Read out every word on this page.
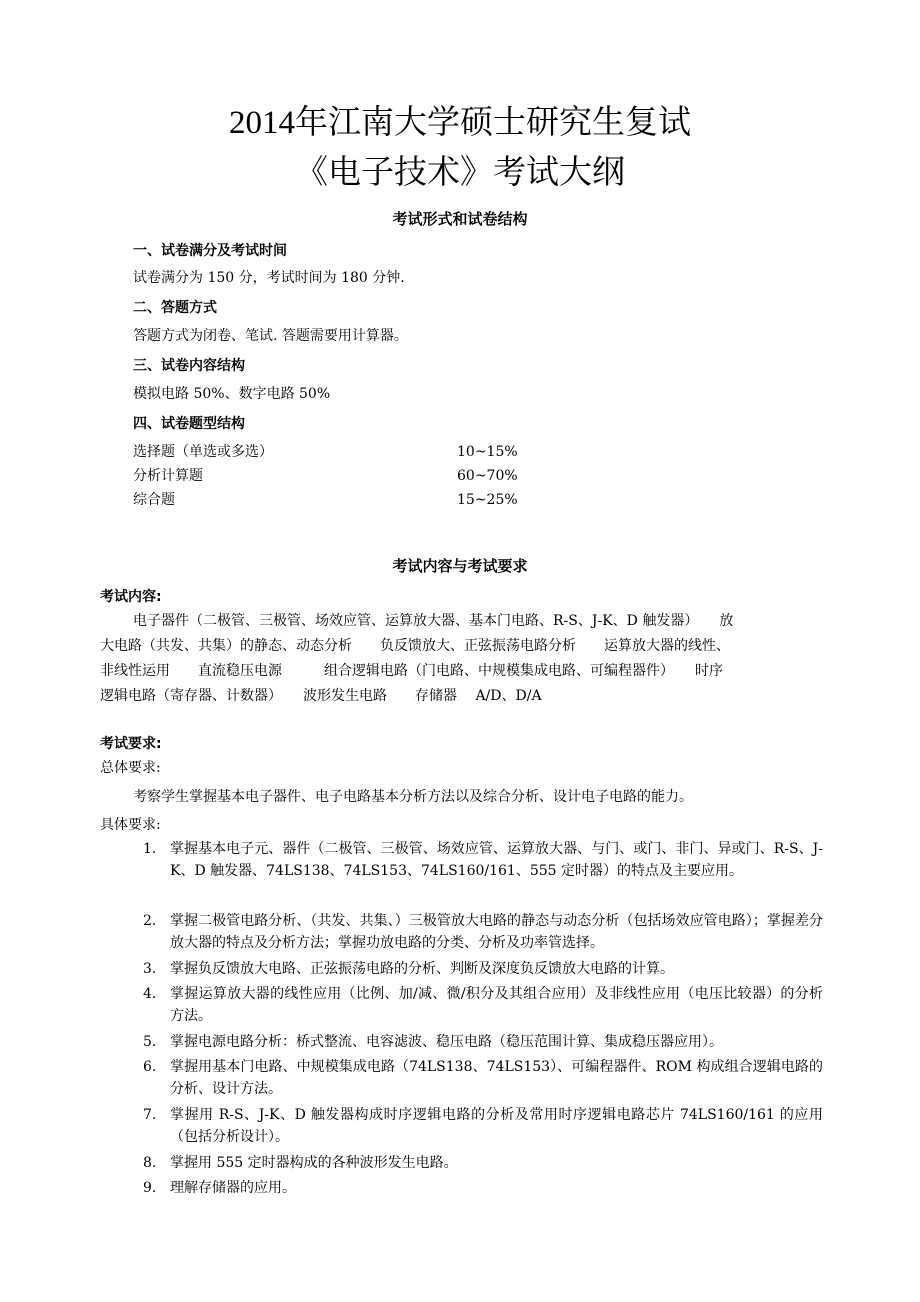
2014年江南大学硕士研究生复试
《电子技术》考试大纲
考试形式和试卷结构
一、试卷满分及考试时间
试卷满分为 150 分，考试时间为 180 分钟.
二、答题方式
答题方式为闭卷、笔试. 答题需要用计算器。
三、试卷内容结构
模拟电路 50%、数字电路 50%
四、试卷题型结构
选择题（单选或多选）	10~15%
分析计算题	60~70%
综合题	15~25%
考试内容与考试要求
考试内容:
电子器件（二极管、三极管、场效应管、运算放大器、基本门电路、R-S、J-K、D 触发器）　　放
大电路（共发、共集）的静态、动态分析　　负反馈放大、正弦振荡电路分析　　运算放大器的线性、
非线性运用　　直流稳压电源　　　组合逻辑电路（门电路、中规模集成电路、可编程器件）　　时序
逻辑电路（寄存器、计数器）　　波形发生电路　　存储器　 A/D、D/A
考试要求:
总体要求:
考察学生掌握基本电子器件、电子电路基本分析方法以及综合分析、设计电子电路的能力。
具体要求:
1. 掌握基本电子元、器件（二极管、三极管、场效应管、运算放大器、与门、或门、非门、异或门、R-S、J-K、D 触发器、74LS138、74LS153、74LS160/161、555 定时器）的特点及主要应用。
2. 掌握二极管电路分析、（共发、共集、）三极管放大电路的静态与动态分析（包括场效应管电路）；掌握差分放大器的特点及分析方法；掌握功放电路的分类、分析及功率管选择。
3. 掌握负反馈放大电路、正弦振荡电路的分析、判断及深度负反馈放大电路的计算。
4. 掌握运算放大器的线性应用（比例、加/减、微/积分及其组合应用）及非线性应用（电压比较器）的分析方法。
5. 掌握电源电路分析：桥式整流、电容滤波、稳压电路（稳压范围计算、集成稳压器应用）。
6. 掌握用基本门电路、中规模集成电路（74LS138、74LS153）、可编程器件、ROM 构成组合逻辑电路的分析、设计方法。
7. 掌握用 R-S、J-K、D 触发器构成时序逻辑电路的分析及常用时序逻辑电路芯片 74LS160/161 的应用（包括分析设计）。
8. 掌握用 555 定时器构成的各种波形发生电路。
9. 理解存储器的应用。
